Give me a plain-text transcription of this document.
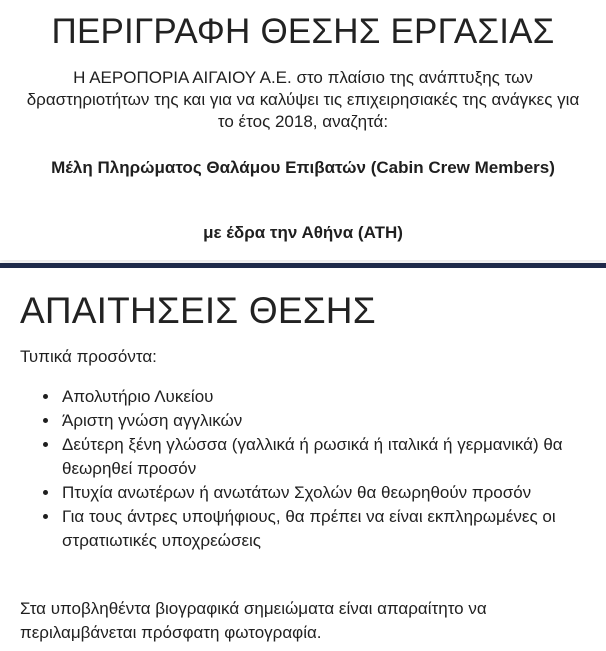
ΠΕΡΙΓΡΑΦΗ ΘΕΣΗΣ ΕΡΓΑΣΙΑΣ

Η ΑΕΡΟΠΟΡΙΑ ΑΙΓΑΙΟΥ Α.Ε. στο πλαίσιο της ανάπτυξης των δραστηριοτήτων της και για να καλύψει τις επιχειρησιακές της ανάγκες για το έτος 2018, αναζητά:

Μέλη Πληρώματος Θαλάμου Επιβατών (Cabin Crew Members)

με έδρα την Αθήνα (ATH)

ΑΠΑΙΤΗΣΕΙΣ ΘΕΣΗΣ

Τυπικά προσόντα:

• Απολυτήριο Λυκείου
• Άριστη γνώση αγγλικών
• Δεύτερη ξένη γλώσσα (γαλλικά ή ρωσικά ή ιταλικά ή γερμανικά) θα θεωρηθεί προσόν
• Πτυχία ανωτέρων ή ανωτάτων Σχολών θα θεωρηθούν προσόν
• Για τους άντρες υποψήφιους, θα πρέπει να είναι εκπληρωμένες οι στρατιωτικές υποχρεώσεις

Στα υποβληθέντα βιογραφικά σημειώματα είναι απαραίτητο να περιλαμβάνεται πρόσφατη φωτογραφία.
